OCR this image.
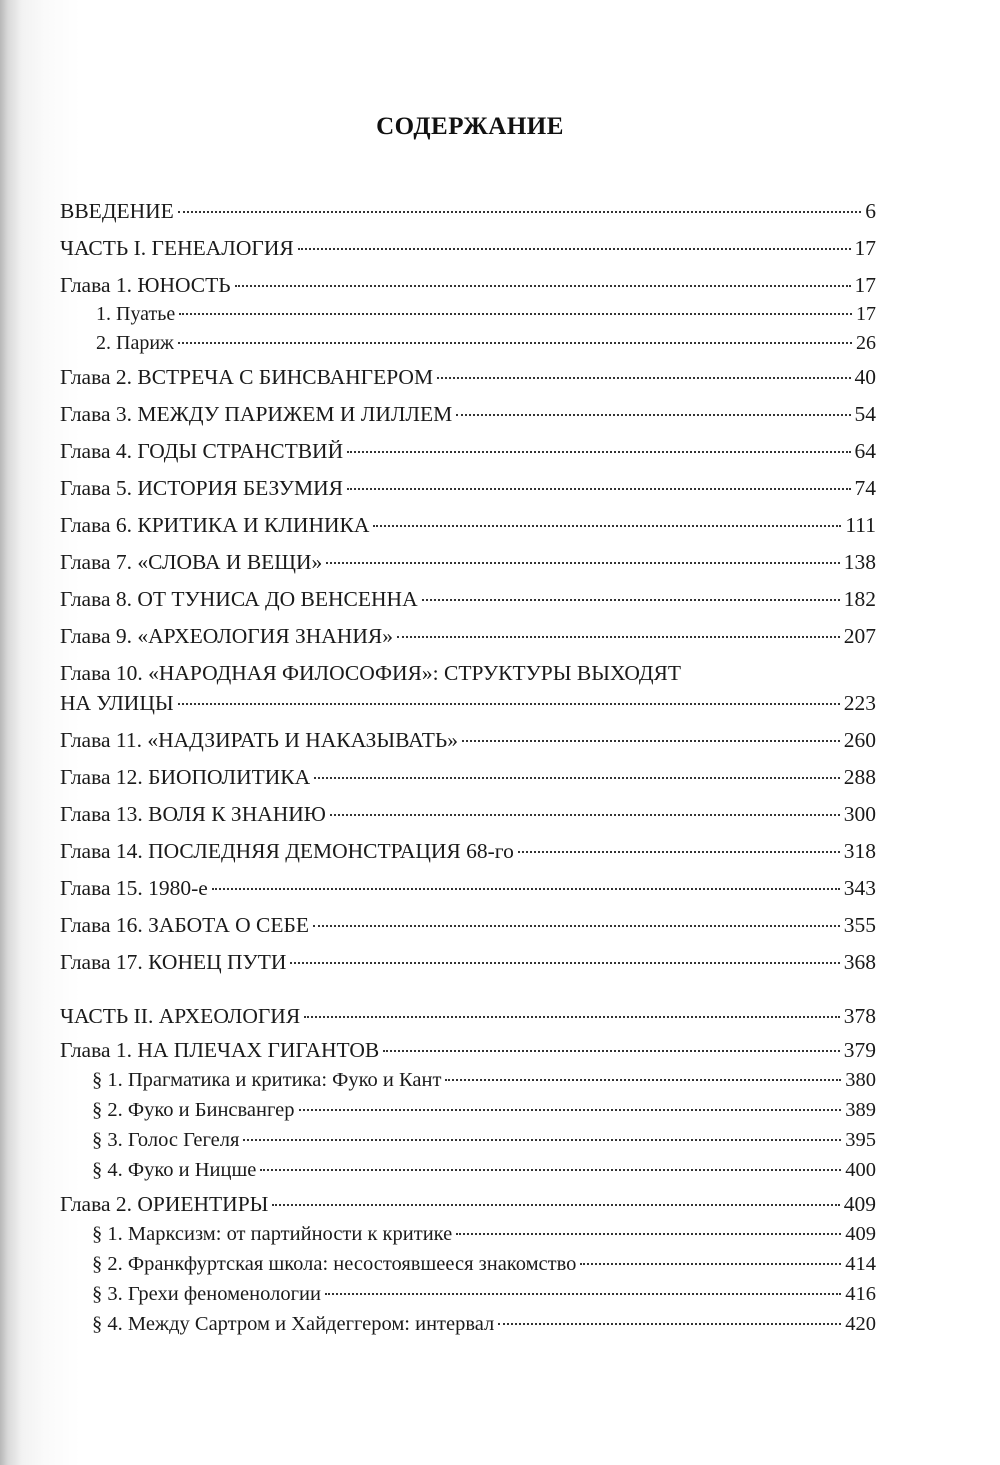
СОДЕРЖАНИЕ
ВВЕДЕНИЕ	6
ЧАСТЬ I. ГЕНЕАЛОГИЯ	17
Глава 1. ЮНОСТЬ	17
1. Пуатье	17
2. Париж	26
Глава 2. ВСТРЕЧА С БИНСВАНГЕРОМ	40
Глава 3. МЕЖДУ ПАРИЖЕМ И ЛИЛЛЕМ	54
Глава 4. ГОДЫ СТРАНСТВИЙ	64
Глава 5. ИСТОРИЯ БЕЗУМИЯ	74
Глава 6. КРИТИКА И КЛИНИКА	111
Глава 7. «СЛОВА И ВЕЩИ»	138
Глава 8. ОТ ТУНИСА ДО ВЕНСЕННА	182
Глава 9. «АРХЕОЛОГИЯ ЗНАНИЯ»	207
Глава 10. «НАРОДНАЯ ФИЛОСОФИЯ»: СТРУКТУРЫ ВЫХОДЯТ
НА УЛИЦЫ	223
Глава 11. «НАДЗИРАТЬ И НАКАЗЫВАТЬ»	260
Глава 12. БИОПОЛИТИКА	288
Глава 13. ВОЛЯ К ЗНАНИЮ	300
Глава 14. ПОСЛЕДНЯЯ ДЕМОНСТРАЦИЯ 68-го	318
Глава 15. 1980-е	343
Глава 16. ЗАБОТА О СЕБЕ	355
Глава 17. КОНЕЦ ПУТИ	368
ЧАСТЬ II. АРХЕОЛОГИЯ	378
Глава 1. НА ПЛЕЧАХ ГИГАНТОВ	379
§ 1. Прагматика и критика: Фуко и Кант	380
§ 2. Фуко и Бинсвангер	389
§ 3. Голос Гегеля	395
§ 4. Фуко и Ницше	400
Глава 2. ОРИЕНТИРЫ	409
§ 1. Марксизм: от партийности к критике	409
§ 2. Франкфуртская школа: несостоявшееся знакомство	414
§ 3. Грехи феноменологии	416
§ 4. Между Сартром и Хайдеггером: интервал	420
